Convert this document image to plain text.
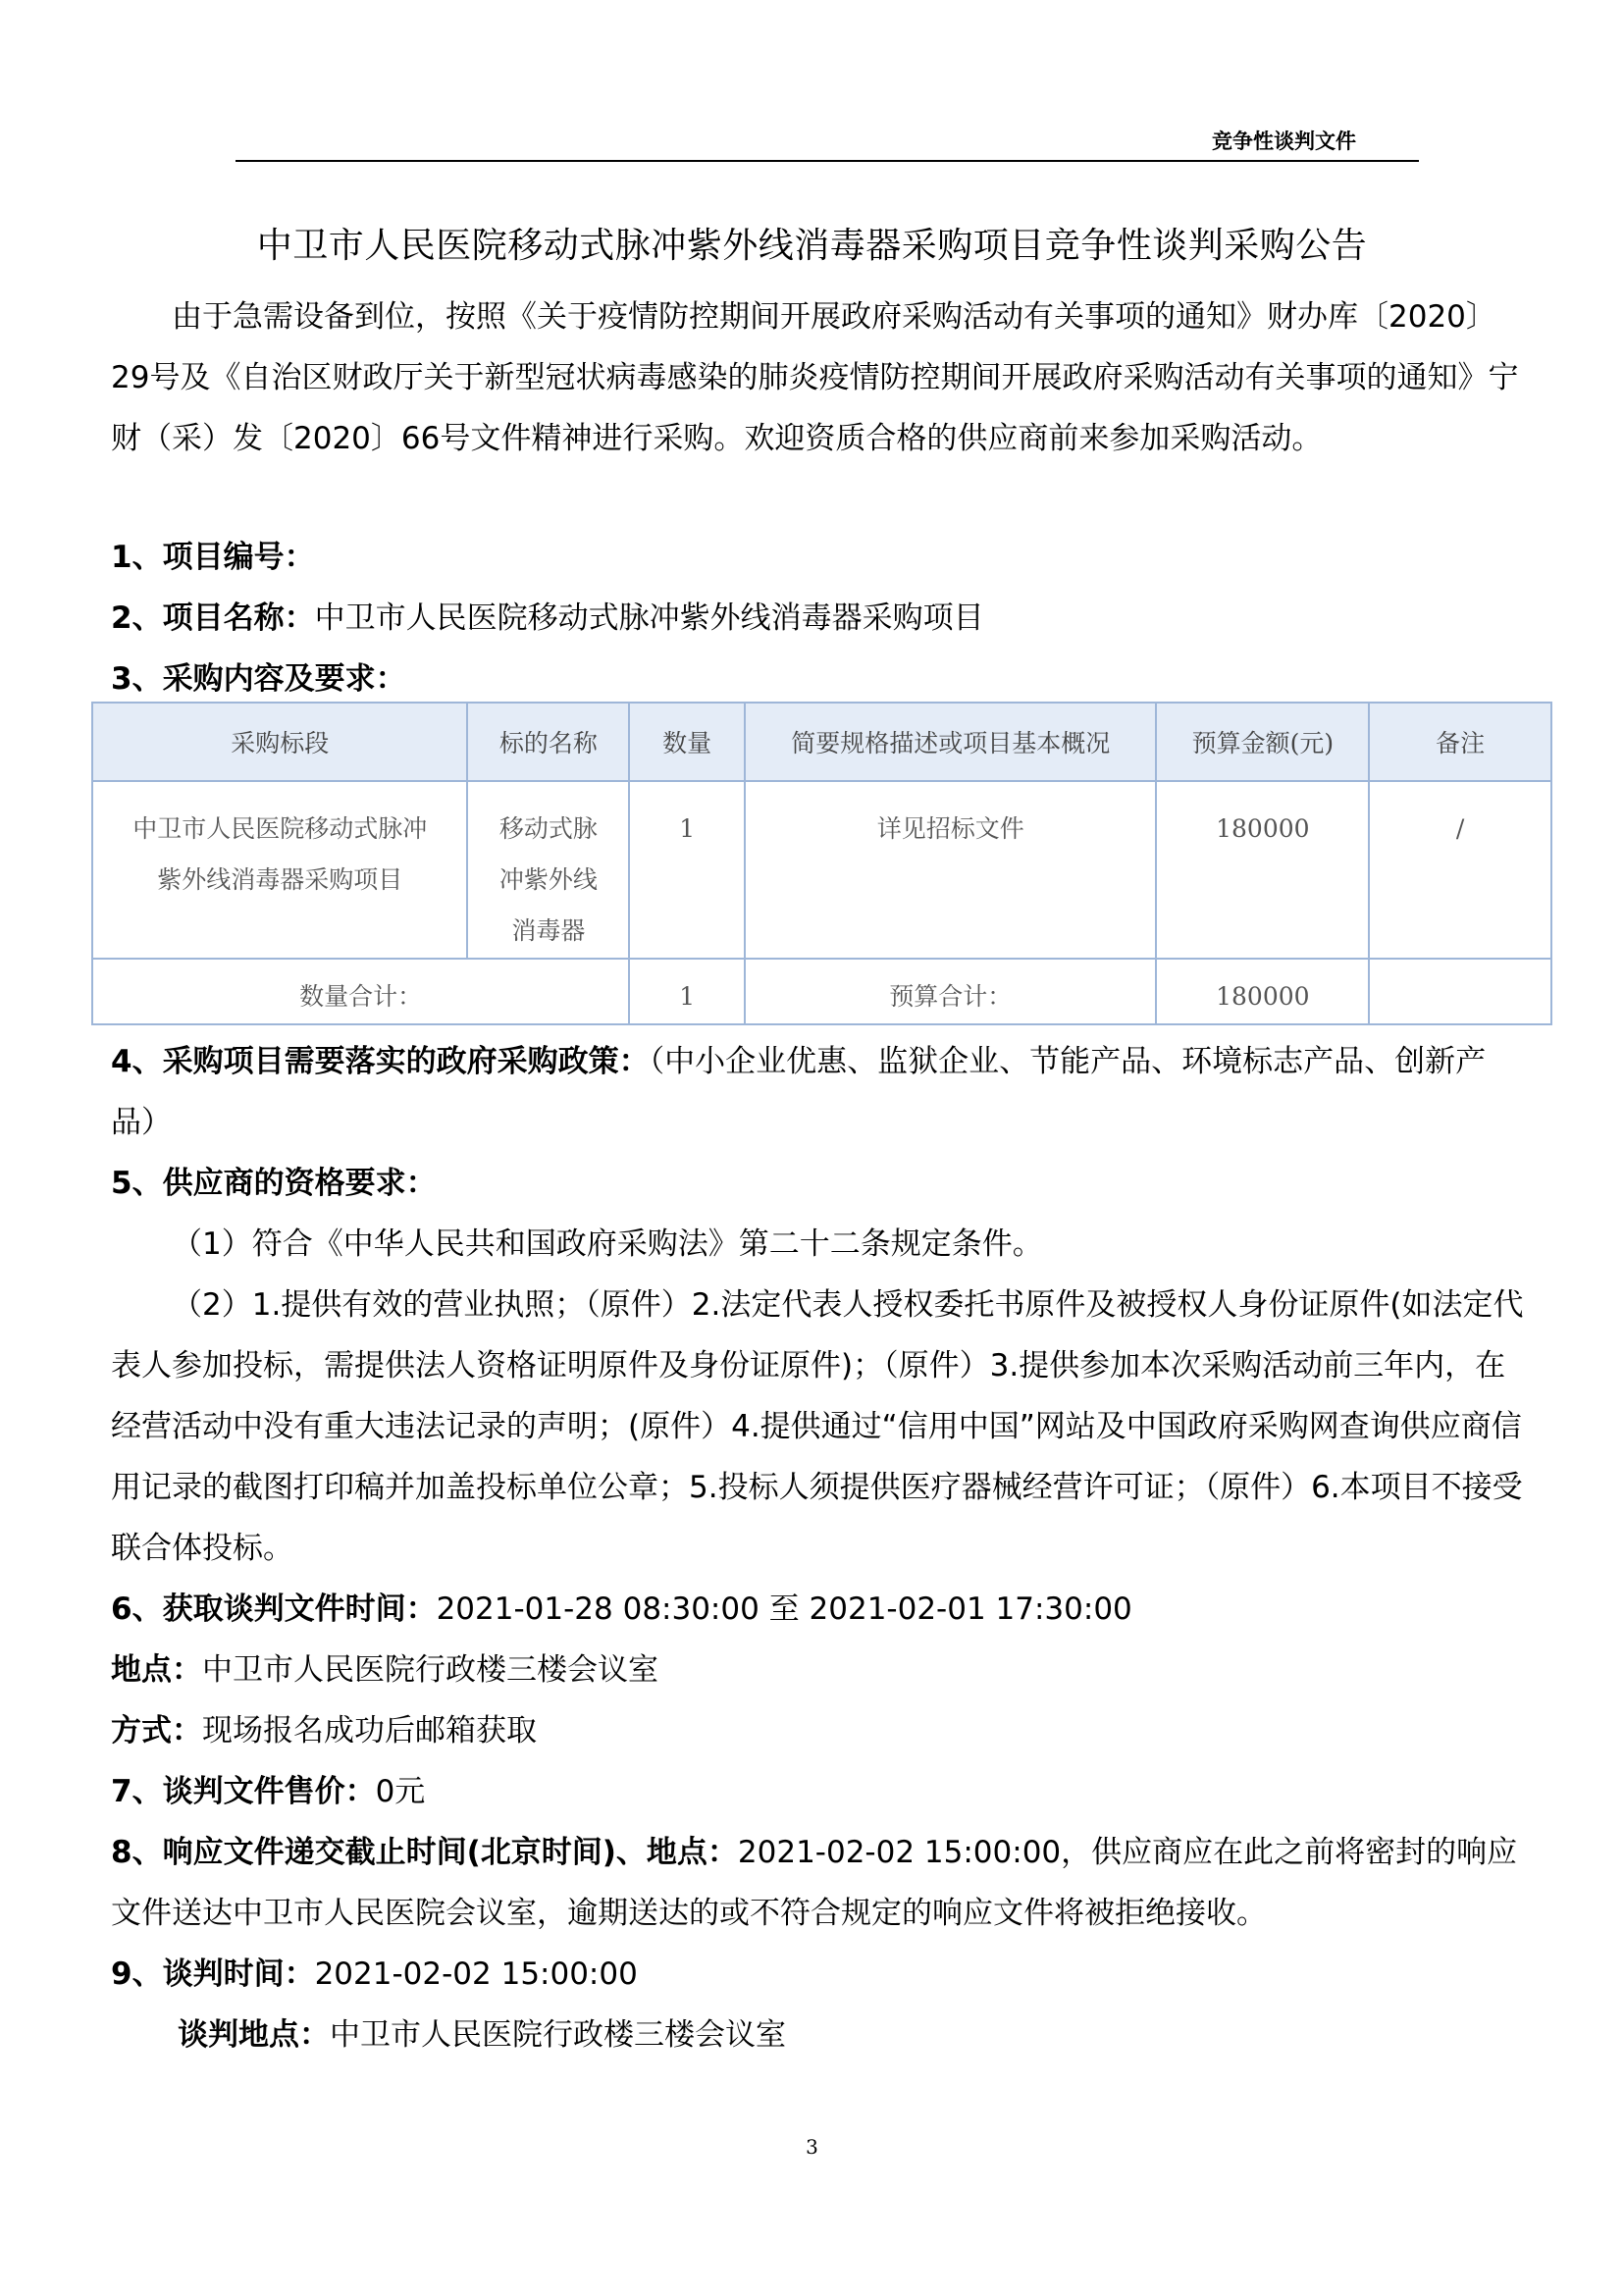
竞争性谈判文件
中卫市人民医院移动式脉冲紫外线消毒器采购项目竞争性谈判采购公告
由于急需设备到位，按照《关于疫情防控期间开展政府采购活动有关事项的通知》财办库〔2020〕29号及《自治区财政厅关于新型冠状病毒感染的肺炎疫情防控期间开展政府采购活动有关事项的通知》宁财（采）发〔2020〕66号文件精神进行采购。欢迎资质合格的供应商前来参加采购活动。
1、项目编号：
2、项目名称：中卫市人民医院移动式脉冲紫外线消毒器采购项目
3、采购内容及要求：
采购标段	标的名称	数量	简要规格描述或项目基本概况	预算金额(元)	备注
中卫市人民医院移动式脉冲紫外线消毒器采购项目	移动式脉冲紫外线消毒器	1	详见招标文件	180000	/
数量合计：		1	预算合计：	180000	
4、采购项目需要落实的政府采购政策：（中小企业优惠、监狱企业、节能产品、环境标志产品、创新产品）
5、供应商的资格要求：
（1）符合《中华人民共和国政府采购法》第二十二条规定条件。
（2）1.提供有效的营业执照；（原件）2.法定代表人授权委托书原件及被授权人身份证原件(如法定代表人参加投标，需提供法人资格证明原件及身份证原件)；（原件）3.提供参加本次采购活动前三年内，在经营活动中没有重大违法记录的声明；(原件）4.提供通过“信用中国”网站及中国政府采购网查询供应商信用记录的截图打印稿并加盖投标单位公章；5.投标人须提供医疗器械经营许可证；（原件）6.本项目不接受联合体投标。
6、获取谈判文件时间：2021-01-28 08:30:00 至 2021-02-01 17:30:00
地点：中卫市人民医院行政楼三楼会议室
方式：现场报名成功后邮箱获取
7、谈判文件售价：0元
8、响应文件递交截止时间(北京时间)、地点：2021-02-02 15:00:00，供应商应在此之前将密封的响应文件送达中卫市人民医院会议室，逾期送达的或不符合规定的响应文件将被拒绝接收。
9、谈判时间：2021-02-02 15:00:00
谈判地点：中卫市人民医院行政楼三楼会议室
3
